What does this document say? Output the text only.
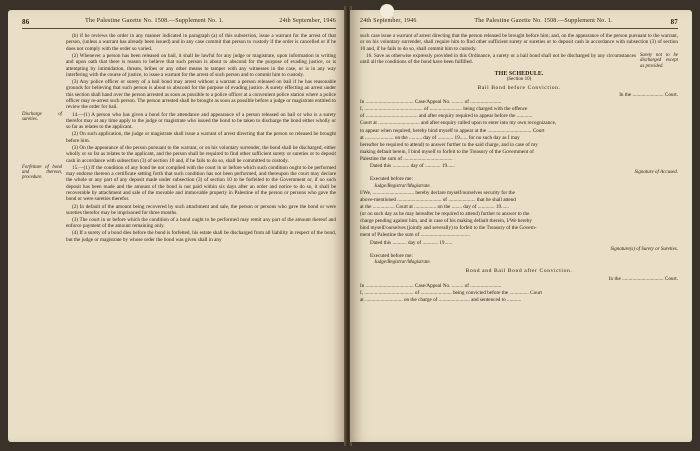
86	The Palestine Gazette No. 1508.—Supplement No. 1.	24th September, 1946

(b) if he reviews the order in any manner indicated in paragraph (a) of this subsection, issue a warrant for the arrest of that person, (unless a warrant has already been issued) and in any case commit that person to custody if the order is cancelled or if he does not comply with the order so varied.

(2) Whenever a person has been released on bail, it shall be lawful for any judge or magistrate, upon information in writing and upon oath that there is reason to believe that such person is about to abscond for the purpose of evading justice, or is attempting by intimidation, threats, bribes or any other means to tamper with any witnesses in the case, or is in any way interfering with the course of justice, to issue a warrant for the arrest of such person and to commit him to custody.

(3) Any police officer or surety of a bail bond may arrest without a warrant a person released on bail if he has reasonable grounds for believing that such person is about to abscond for the purpose of evading justice. A surety effecting an arrest under this section shall hand over the person arrested as soon as possible to a police officer at a convenient police station where a police officer may re-arrest such person. The person arrested shall be brought as soon as possible before a judge or magistrate entitled to review the order for bail.

Discharge of sureties.

14.—(1) A person who has given a bond for the attendance and appearance of a person released on bail or who is a surety therefor may at any time apply to the judge or magistrate who issued the bond to be taken to discharge the bond either wholly or so far as relates to the applicant.

(2) On such application, the judge or magistrate shall issue a warrant of arrest directing that the person so released be brought before him.

(3) On the appearance of the person pursuant to the warrant, or on his voluntary surrender, the bond shall be discharged, either wholly or so far as relates to the applicant, and the person shall be required to find other sufficient surety or sureties or to deposit cash in accordance with subsection (3) of section 10 and, if he fails to do so, shall be committed to custody.

Forfeiture of bond and thereon, procedure.

15.—(1) If the condition of any bond be not complied with the court in or before which such condition ought to be performed may endorse thereon a certificate setting forth that such condition has not been performed, and thereupon the court may declare the whole or any part of any deposit made under subsection (3) of section 10 to be forfeited to the Government or, if no such deposit has been made and the amount of the bond is not paid within six days after an order and notice to do so, it shall be recoverable by attachment and sale of the movable and immovable property in Palestine of the person or persons who gave the bond or were sureties therefor.

(2) In default of the amount being recovered by such attachment and sale, the person or persons who gave the bond or were sureties therefor may be imprisoned for three months.

(3) The court in or before which the condition of a bond ought to be performed may remit any part of the amount thereof and enforce payment of the amount remaining only.

(4) If a surety of a bond dies before the bond is forfeited, his estate shall be discharged from all liability in respect of the bond, but the judge or magistrate by whose order the bond was given shall in any

24th September, 1946	The Palestine Gazette No. 1508.—Supplement No. 1.	87

such case issue a warrant of arrest directing that the person released be brought before him; and, on the appearance of the person pursuant to the warrant, or on his voluntary surrender, shall require him to find other sufficient surety or sureties or to deposit cash in accordance with subsection (3) of section 10 and, if he fails to do so, shall commit him to custody.

Surety not to be discharged except as provided.

16. Save as otherwise expressly provided in this Ordinance, a surety or a bail bond shall not be discharged by any circumstances until all the conditions of the bond have been fulfilled.

THE SCHEDULE.
(Section 10)
Bail Bond before Conviction.
In the ........................ Court.
In ..................................... Case/Appeal No. ......... of ........................
I, ............................................. of ......................... being charged with the offence
of ........................................ and after enquiry required to appear before the ............
Court at ................................ and after enquiry called upon to enter into my own recognizance,
to appear when required, hereby bind myself to appear at the .................................. Court
at ...................... on the .......... day of ............ 19...... for no such day as I may
hereafter be required to attend) to answer further to the said charge, and in case of my
making default herein, I bind myself to forfeit to the Treasury of the Government of
Palestine the sum of ......................................
Dated this ............. day of ............ 19......
Signature of Accused.
Executed before me:
Judge/Registrar/Magistrate.
I/We, ................................ hereby declare myself/ourselves security for the
above-mentioned .................................. of ..................... that he shall attend
at the ................. Court at ................. on the ........ day of ............. 19......
(or on such day as he may hereafter be required to attend) further to answer to the
charge pending against him, and in case of his making default therein, I/We hereby
bind myself/ourselves (jointly and severally) to forfeit to the Treasury of the Govern-
ment of Palestine the sum of ......................................
Dated this ........... day of ............ 19......
Signature(s) of Surety or Sureties.
Executed before me:
Judge/Registrar/Magistrate.
Bond and Bail Bond after Conviction.
In the ................................ Court.
In ..................................... Case/Appeal No. ......... of ........................
I, ...................................... of ........................ being convicted before the ............... Court
at ............................. on the charge of ........................ and sentenced to ...........
